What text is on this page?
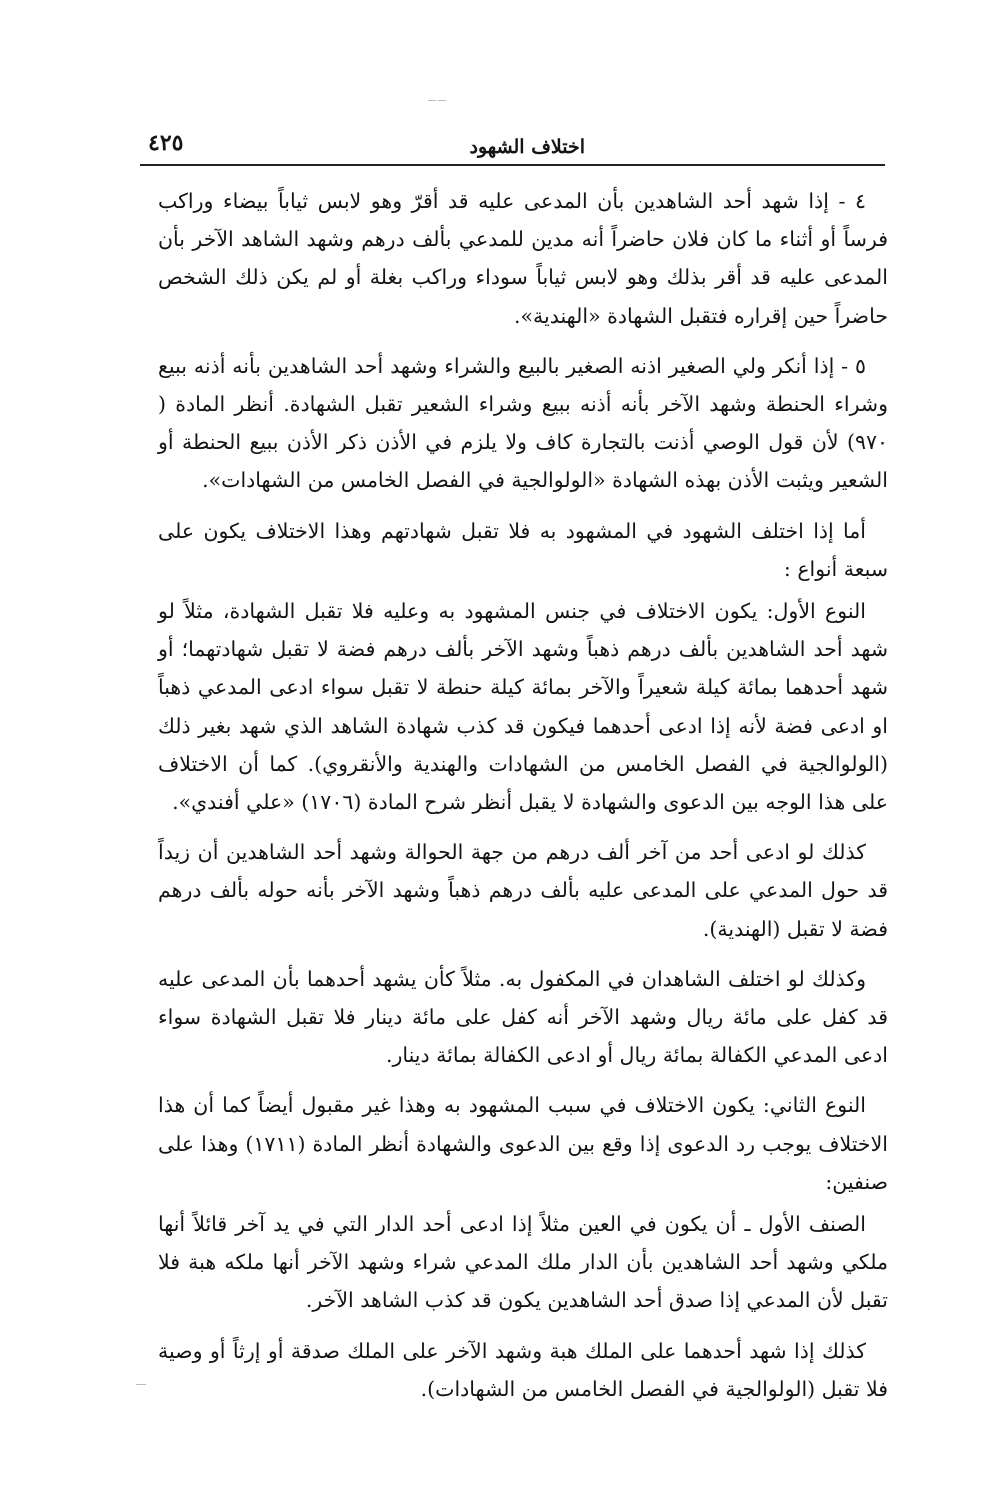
اختلاف الشهود
٤٢٥

٤ - إذا شهد أحد الشاهدين بأن المدعى عليه قد أقرّ وهو لابس ثياباً بيضاء وراكب فرساً أو أثناء ما كان فلان حاضراً أنه مدين للمدعي بألف درهم وشهد الشاهد الآخر بأن المدعى عليه قد أقر بذلك وهو لابس ثياباً سوداء وراكب بغلة أو لم يكن ذلك الشخص حاضراً حين إقراره فتقبل الشهادة «الهندية».

٥ - إذا أنكر ولي الصغير اذنه الصغير بالبيع والشراء وشهد أحد الشاهدين بأنه أذنه ببيع وشراء الحنطة وشهد الآخر بأنه أذنه ببيع وشراء الشعير تقبل الشهادة. أنظر المادة ( ٩٧٠) لأن قول الوصي أذنت بالتجارة كاف ولا يلزم في الأذن ذكر الأذن ببيع الحنطة أو الشعير ويثبت الأذن بهذه الشهادة «الولوالجية في الفصل الخامس من الشهادات».

أما إذا اختلف الشهود في المشهود به فلا تقبل شهادتهم وهذا الاختلاف يكون على سبعة أنواع :

النوع الأول: يكون الاختلاف في جنس المشهود به وعليه فلا تقبل الشهادة، مثلاً لو شهد أحد الشاهدين بألف درهم ذهباً وشهد الآخر بألف درهم فضة لا تقبل شهادتهما؛ أو شهد أحدهما بمائة كيلة شعيراً والآخر بمائة كيلة حنطة لا تقبل سواء ادعى المدعي ذهباً او ادعى فضة لأنه إذا ادعى أحدهما فيكون قد كذب شهادة الشاهد الذي شهد بغير ذلك (الولوالجية في الفصل الخامس من الشهادات والهندية والأنقروي). كما أن الاختلاف على هذا الوجه بين الدعوى والشهادة لا يقبل أنظر شرح المادة (١٧٠٦) «علي أفندي».

كذلك لو ادعى أحد من آخر ألف درهم من جهة الحوالة وشهد أحد الشاهدين أن زيداً قد حول المدعي على المدعى عليه بألف درهم ذهباً وشهد الآخر بأنه حوله بألف درهم فضة لا تقبل (الهندية).

وكذلك لو اختلف الشاهدان في المكفول به. مثلاً كأن يشهد أحدهما بأن المدعى عليه قد كفل على مائة ريال وشهد الآخر أنه كفل على مائة دينار فلا تقبل الشهادة سواء ادعى المدعي الكفالة بمائة ريال أو ادعى الكفالة بمائة دينار.

النوع الثاني: يكون الاختلاف في سبب المشهود به وهذا غير مقبول أيضاً كما أن هذا الاختلاف يوجب رد الدعوى إذا وقع بين الدعوى والشهادة أنظر المادة (١٧١١) وهذا على صنفين:

الصنف الأول ـ أن يكون في العين مثلاً إذا ادعى أحد الدار التي في يد آخر قائلاً أنها ملكي وشهد أحد الشاهدين بأن الدار ملك المدعي شراء وشهد الآخر أنها ملكه هبة فلا تقبل لأن المدعي إذا صدق أحد الشاهدين يكون قد كذب الشاهد الآخر.

كذلك إذا شهد أحدهما على الملك هبة وشهد الآخر على الملك صدقة أو إرثاً أو وصية فلا تقبل (الولوالجية في الفصل الخامس من الشهادات).
